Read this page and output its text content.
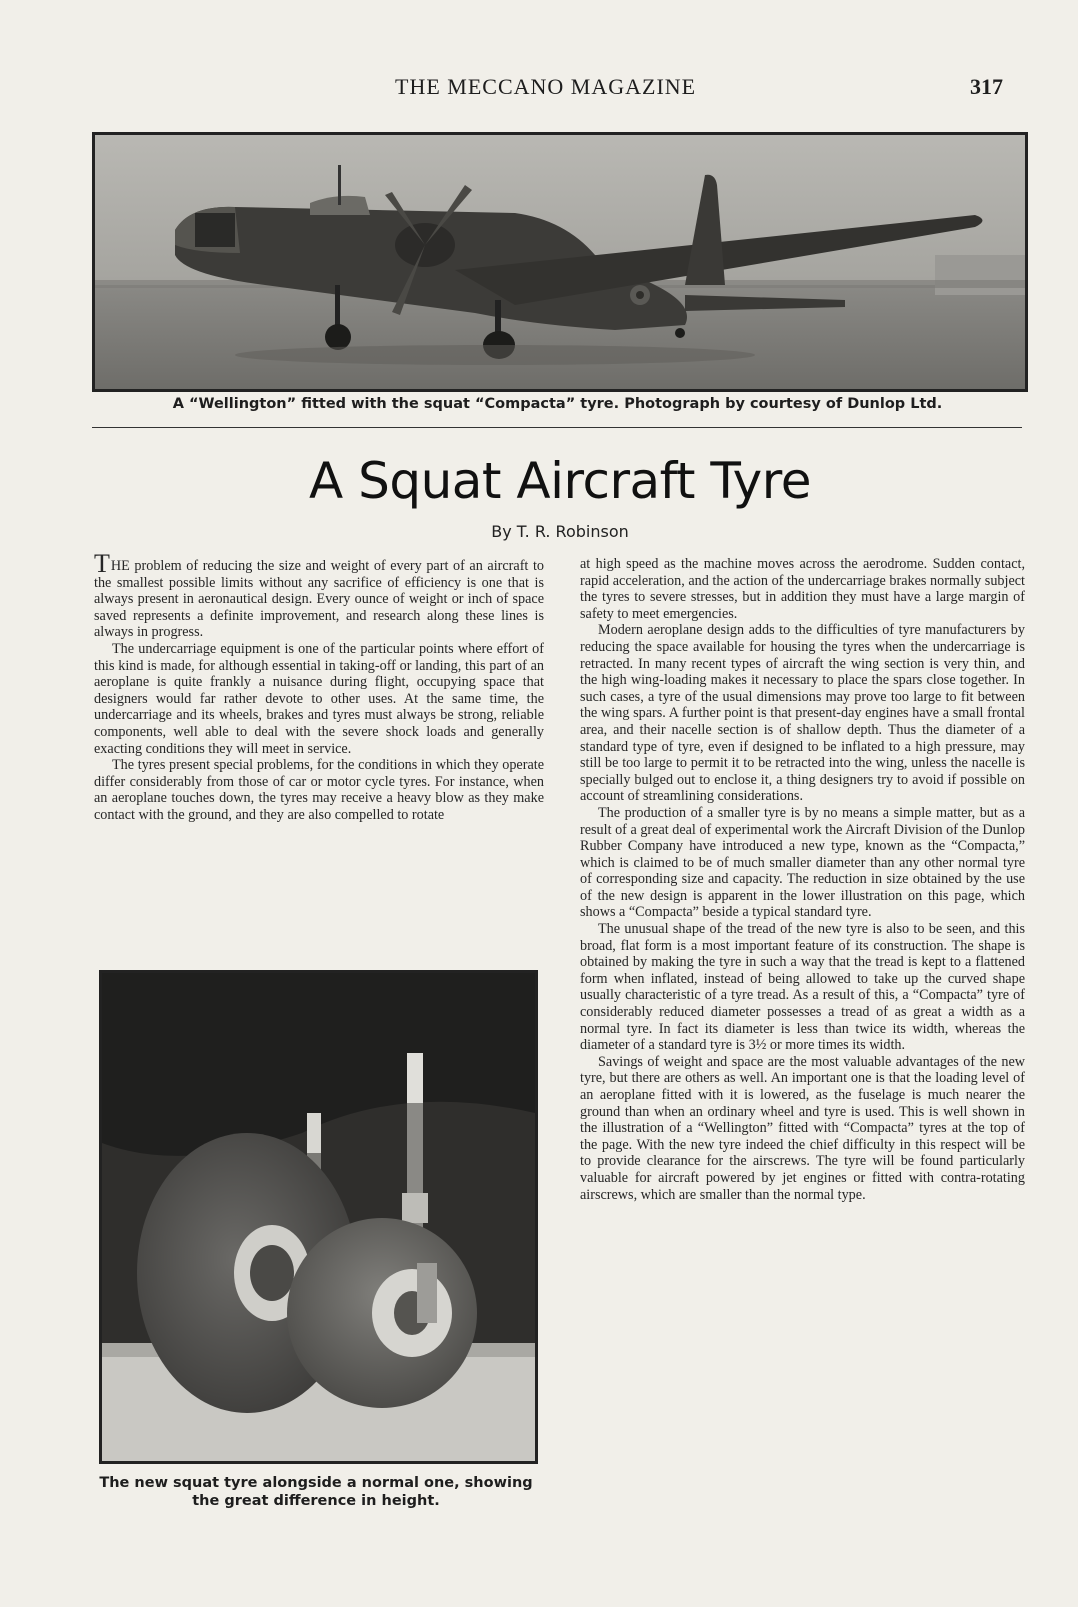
THE MECCANO MAGAZINE	317
A “Wellington” fitted with the squat “Compacta” tyre. Photograph by courtesy of Dunlop Ltd.
A Squat Aircraft Tyre
By T. R. Robinson

THE problem of reducing the size and weight of every part of an aircraft to the smallest possible limits without any sacrifice of efficiency is one that is always present in aeronautical design. Every ounce of weight or inch of space saved represents a definite improvement, and research along these lines is always in progress.

The undercarriage equipment is one of the particular points where effort of this kind is made, for although essential in taking-off or landing, this part of an aeroplane is quite frankly a nuisance during flight, occupying space that designers would far rather devote to other uses. At the same time, the undercarriage and its wheels, brakes and tyres must always be strong, reliable components, well able to deal with the severe shock loads and generally exacting conditions they will meet in service.

The tyres present special problems, for the conditions in which they operate differ considerably from those of car or motor cycle tyres. For instance, when an aeroplane touches down, the tyres may receive a heavy blow as they make contact with the ground, and they are also compelled to rotate

The new squat tyre alongside a normal one, showing
the great difference in height.

at high speed as the machine moves across the aerodrome. Sudden contact, rapid acceleration, and the action of the undercarriage brakes normally subject the tyres to severe stresses, but in addition they must have a large margin of safety to meet emergencies.

Modern aeroplane design adds to the difficulties of tyre manufacturers by reducing the space available for housing the tyres when the undercarriage is retracted. In many recent types of aircraft the wing section is very thin, and the high wing-loading makes it necessary to place the spars close together. In such cases, a tyre of the usual dimensions may prove too large to fit between the wing spars. A further point is that present-day engines have a small frontal area, and their nacelle section is of shallow depth. Thus the diameter of a standard type of tyre, even if designed to be inflated to a high pressure, may still be too large to permit it to be retracted into the wing, unless the nacelle is specially bulged out to enclose it, a thing designers try to avoid if possible on account of streamlining considerations.

The production of a smaller tyre is by no means a simple matter, but as a result of a great deal of experimental work the Aircraft Division of the Dunlop Rubber Company have introduced a new type, known as the “Compacta,” which is claimed to be of much smaller diameter than any other normal tyre of corresponding size and capacity. The reduction in size obtained by the use of the new design is apparent in the lower illustration on this page, which shows a “Compacta” beside a typical standard tyre.

The unusual shape of the tread of the new tyre is also to be seen, and this broad, flat form is a most important feature of its construction. The shape is obtained by making the tyre in such a way that the tread is kept to a flattened form when inflated, instead of being allowed to take up the curved shape usually characteristic of a tyre tread. As a result of this, a “Compacta” tyre of considerably reduced diameter possesses a tread of as great a width as a normal tyre. In fact its diameter is less than twice its width, whereas the diameter of a standard tyre is 3½ or more times its width.

Savings of weight and space are the most valuable advantages of the new tyre, but there are others as well. An important one is that the loading level of an aeroplane fitted with it is lowered, as the fuselage is much nearer the ground than when an ordinary wheel and tyre is used. This is well shown in the illustration of a “Wellington” fitted with “Compacta” tyres at the top of the page. With the new tyre indeed the chief difficulty in this respect will be to provide clearance for the airscrews. The tyre will be found particularly valuable for aircraft powered by jet engines or fitted with contra-rotating airscrews, which are smaller than the normal type.
